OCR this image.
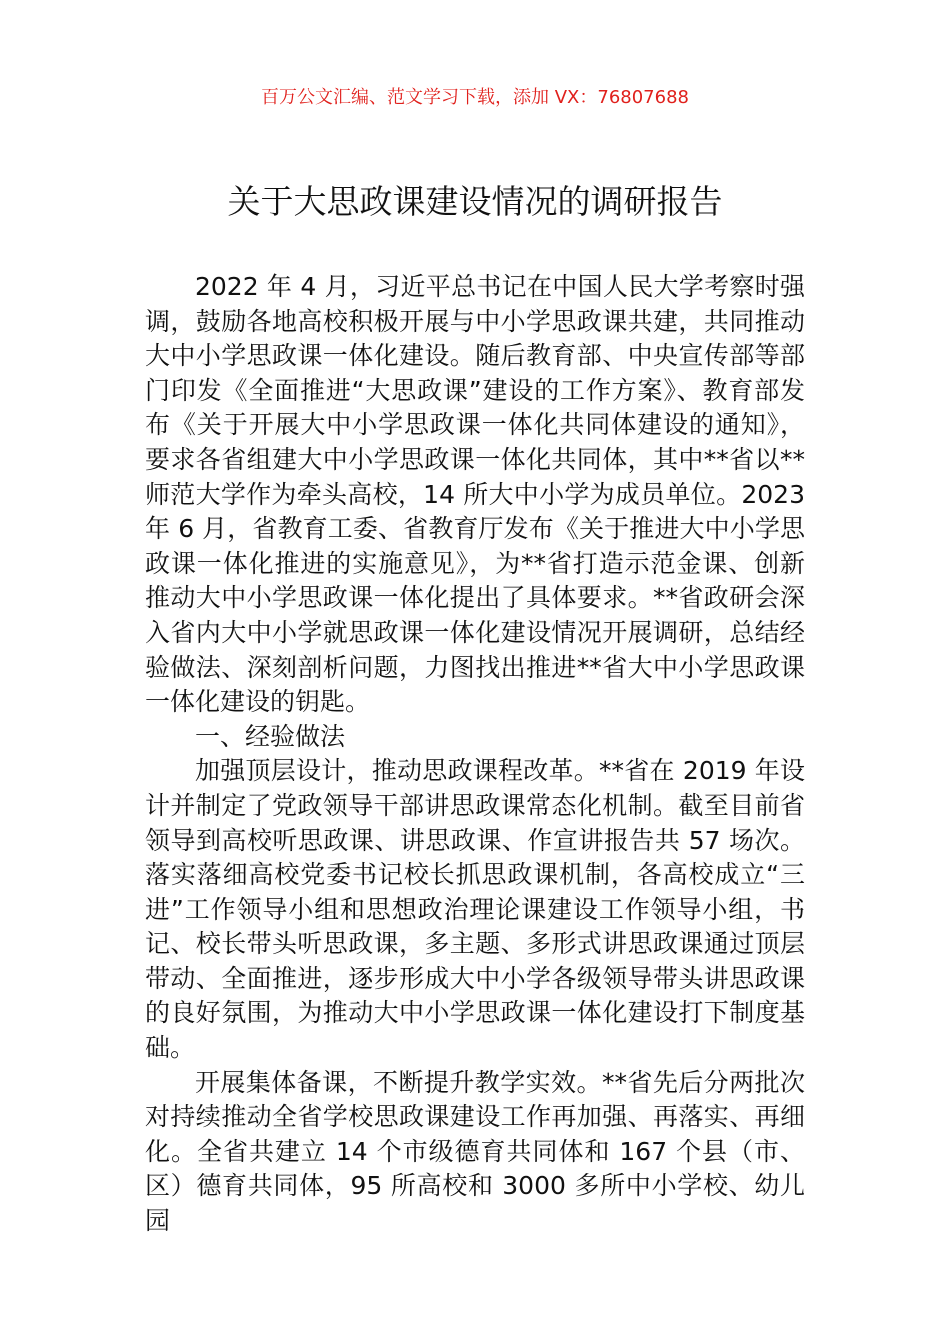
百万公文汇编、范文学习下载，添加 VX：76807688
关于大思政课建设情况的调研报告

2022 年 4 月，习近平总书记在中国人民大学考察时强调，鼓励各地高校积极开展与中小学思政课共建，共同推动大中小学思政课一体化建设。随后教育部、中央宣传部等部门印发《全面推进“大思政课”建设的工作方案》、教育部发布《关于开展大中小学思政课一体化共同体建设的通知》，要求各省组建大中小学思政课一体化共同体，其中**省以**师范大学作为牵头高校，14 所大中小学为成员单位。2023 年 6 月，省教育工委、省教育厅发布《关于推进大中小学思政课一体化推进的实施意见》，为**省打造示范金课、创新推动大中小学思政课一体化提出了具体要求。**省政研会深入省内大中小学就思政课一体化建设情况开展调研，总结经验做法、深刻剖析问题，力图找出推进**省大中小学思政课一体化建设的钥匙。

一、经验做法

加强顶层设计，推动思政课程改革。**省在 2019 年设计并制定了党政领导干部讲思政课常态化机制。截至目前省领导到高校听思政课、讲思政课、作宣讲报告共 57 场次。落实落细高校党委书记校长抓思政课机制，各高校成立“三进”工作领导小组和思想政治理论课建设工作领导小组，书记、校长带头听思政课，多主题、多形式讲思政课通过顶层带动、全面推进，逐步形成大中小学各级领导带头讲思政课的良好氛围，为推动大中小学思政课一体化建设打下制度基础。

开展集体备课，不断提升教学实效。**省先后分两批次对持续推动全省学校思政课建设工作再加强、再落实、再细化。全省共建立 14 个市级德育共同体和 167 个县（市、区）德育共同体，95 所高校和 3000 多所中小学校、幼儿园
